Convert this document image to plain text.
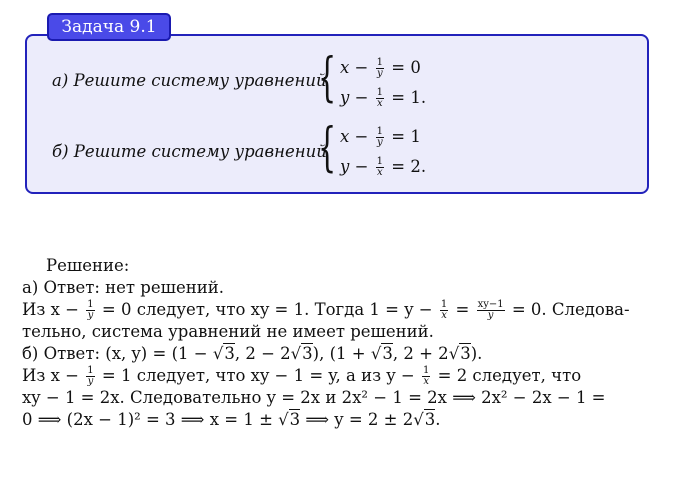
Задача 9.1
а) Решите систему уравнений
{ $x - \frac{1}{y} = 0$
$y - \frac{1}{x} = 1$.
б) Решите систему уравнений
{ $x - \frac{1}{y} = 1$
$y - \frac{1}{x} = 2$.
Решение:
а) Ответ: нет решений.
Из $x - \frac{1}{y} = 0$ следует, что xy = 1. Тогда $1 = y - \frac{1}{x} = \frac{xy-1}{y} = 0$. Следова-
тельно, система уравнений не имеет решений.
б) Ответ: (x, y) = (1 − √3, 2 − 2√3), (1 + √3, 2 + 2√3).
Из $x - \frac{1}{y} = 1$ следует, что xy − 1 = y, а из $y - \frac{1}{x} = 2$ следует, что
xy − 1 = 2x. Следовательно y = 2x и 2x² − 1 = 2x ⟹ 2x² − 2x − 1 =
0 ⟹ (2x − 1)² = 3 ⟹ x = 1 ± √3 ⟹ y = 2 ± 2√3.
